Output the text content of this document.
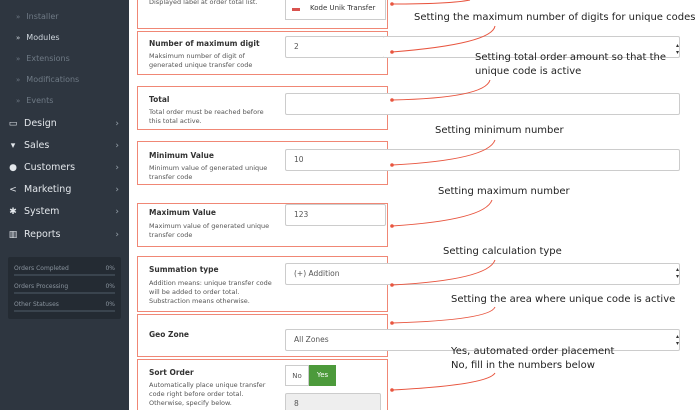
» Installer
» Modules
» Extensions
» Modifications
» Events
▭ Design	›
▾ Sales	›
● Customers	›
< Marketing	›
✱ System	›
▥ Reports	›
Orders Completed	0%
Orders Processing	0%
Other Statuses	0%
Displayed label at order total list.
Kode Unik Transfer
Number of maximum digit
Maksimum number of digit of generated unique transfer code
2	▴
▾
Total
Total order must be reached before this total active.
Minimum Value
Minimum value of generated unique transfer code
10
Maximum Value
Maximum value of generated unique transfer code
123
Summation type
Addition means: unique transfer code will be added to order total. Substraction means otherwise.
(+) Addition	▴
▾
Geo Zone
All Zones	▴
▾
Sort Order
Automatically place unique transfer code right before order total. Otherwise, specify below.
No	Yes
8
Setting the maximum number of digits for unique codes
Setting total order amount so that the
unique code is active
Setting minimum number
Setting maximum number
Setting calculation type
Setting the area where unique code is active
Yes, automated order placement
No, fill in the numbers below
